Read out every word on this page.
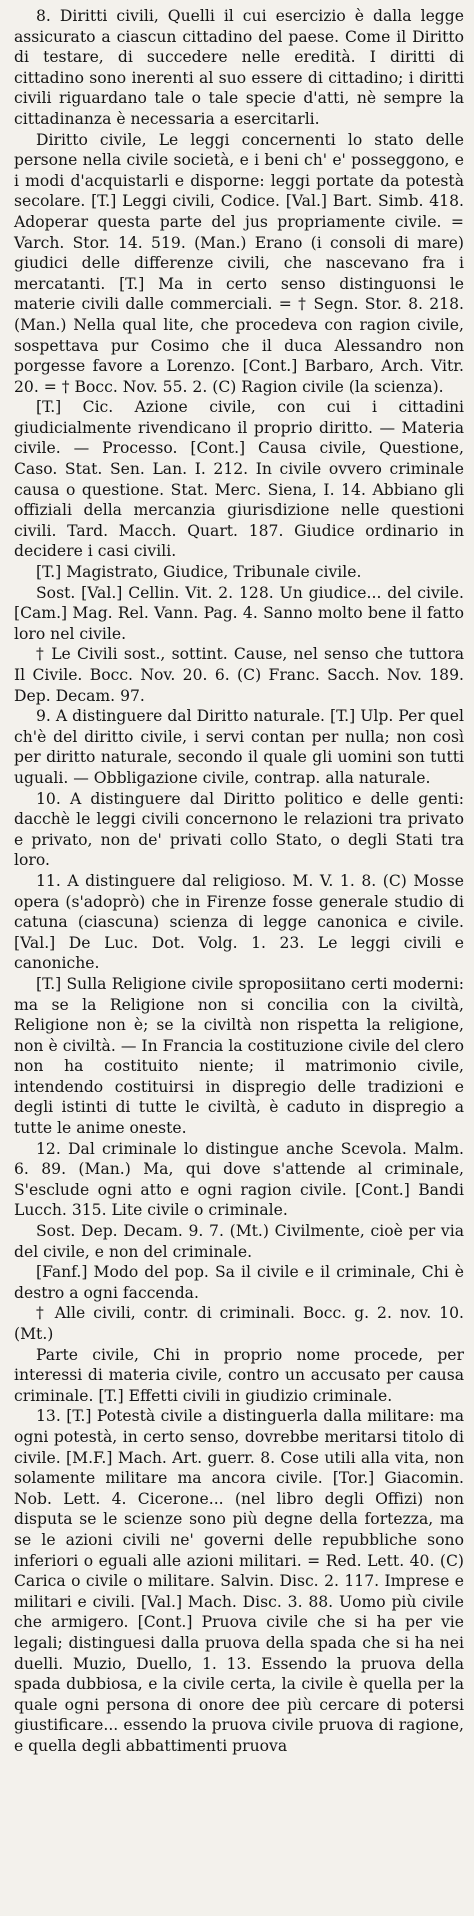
8. Diritti civili, Quelli il cui esercizio è dalla legge assicurato a ciascun cittadino del paese. Come il Diritto di testare, di succedere nelle eredità. I diritti di cittadino sono inerenti al suo essere di cittadino; i diritti civili riguardano tale o tale specie d'atti, nè sempre la cittadinanza è necessaria a esercitarli.

Diritto civile, Le leggi concernenti lo stato delle persone nella civile società, e i beni ch' e' posseggono, e i modi d'acquistarli e disporne: leggi portate da potestà secolare. [T.] Leggi civili, Codice. [Val.] Bart. Simb. 418. Adoperar questa parte del jus propriamente civile. = Varch. Stor. 14. 519. (Man.) Erano (i consoli di mare) giudici delle differenze civili, che nascevano fra i mercatanti. [T.] Ma in certo senso distinguonsi le materie civili dalle commerciali. = † Segn. Stor. 8. 218. (Man.) Nella qual lite, che procedeva con ragion civile, sospettava pur Cosimo che il duca Alessandro non porgesse favore a Lorenzo. [Cont.] Barbaro, Arch. Vitr. 20. = † Bocc. Nov. 55. 2. (C) Ragion civile (la scienza).

[T.] Cic. Azione civile, con cui i cittadini giudicialmente rivendicano il proprio diritto. — Materia civile. — Processo. [Cont.] Causa civile, Questione, Caso. Stat. Sen. Lan. I. 212. In civile ovvero criminale causa o questione. Stat. Merc. Siena, I. 14. Abbiano gli offiziali della mercanzia giurisdizione nelle questioni civili. Tard. Macch. Quart. 187. Giudice ordinario in decidere i casi civili.

[T.] Magistrato, Giudice, Tribunale civile.

Sost. [Val.] Cellin. Vit. 2. 128. Un giudice... del civile. [Cam.] Mag. Rel. Vann. Pag. 4. Sanno molto bene il fatto loro nel civile.

† Le Civili sost., sottint. Cause, nel senso che tuttora Il Civile. Bocc. Nov. 20. 6. (C) Franc. Sacch. Nov. 189. Dep. Decam. 97.

9. A distinguere dal Diritto naturale. [T.] Ulp. Per quel ch'è del diritto civile, i servi contan per nulla; non così per diritto naturale, secondo il quale gli uomini son tutti uguali. — Obbligazione civile, contrap. alla naturale.

10. A distinguere dal Diritto politico e delle genti: dacchè le leggi civili concernono le relazioni tra privato e privato, non de' privati collo Stato, o degli Stati tra loro.

11. A distinguere dal religioso. M. V. 1. 8. (C) Mosse opera (s'adoprò) che in Firenze fosse generale studio di catuna (ciascuna) scienza di legge canonica e civile. [Val.] De Luc. Dot. Volg. 1. 23. Le leggi civili e canoniche.

[T.] Sulla Religione civile sproposiitano certi moderni: ma se la Religione non si concilia con la civiltà, Religione non è; se la civiltà non rispetta la religione, non è civiltà. — In Francia la costituzione civile del clero non ha costituito niente; il matrimonio civile, intendendo costituirsi in dispregio delle tradizioni e degli istinti di tutte le civiltà, è caduto in dispregio a tutte le anime oneste.

12. Dal criminale lo distingue anche Scevola. Malm. 6. 89. (Man.) Ma, qui dove s'attende al criminale, S'esclude ogni atto e ogni ragion civile. [Cont.] Bandi Lucch. 315. Lite civile o criminale.

Sost. Dep. Decam. 9. 7. (Mt.) Civilmente, cioè per via del civile, e non del criminale.

[Fanf.] Modo del pop. Sa il civile e il criminale, Chi è destro a ogni faccenda.

† Alle civili, contr. di criminali. Bocc. g. 2. nov. 10. (Mt.)

Parte civile, Chi in proprio nome procede, per interessi di materia civile, contro un accusato per causa criminale. [T.] Effetti civili in giudizio criminale.

13. [T.] Potestà civile a distinguerla dalla militare: ma ogni potestà, in certo senso, dovrebbe meritarsi titolo di civile. [M.F.] Mach. Art. guerr. 8. Cose utili alla vita, non solamente militare ma ancora civile. [Tor.] Giacomin. Nob. Lett. 4. Cicerone... (nel libro degli Offizi) non disputa se le scienze sono più degne della fortezza, ma se le azioni civili ne' governi delle repubbliche sono inferiori o eguali alle azioni militari. = Red. Lett. 40. (C) Carica o civile o militare. Salvin. Disc. 2. 117. Imprese e militari e civili. [Val.] Mach. Disc. 3. 88. Uomo più civile che armigero. [Cont.] Pruova civile che si ha per vie legali; distinguesi dalla pruova della spada che si ha nei duelli. Muzio, Duello, 1. 13. Essendo la pruova della spada dubbiosa, e la civile certa, la civile è quella per la quale ogni persona di onore dee più cercare di potersi giustificare... essendo la pruova civile pruova di ragione, e quella degli abbattimenti pruova
